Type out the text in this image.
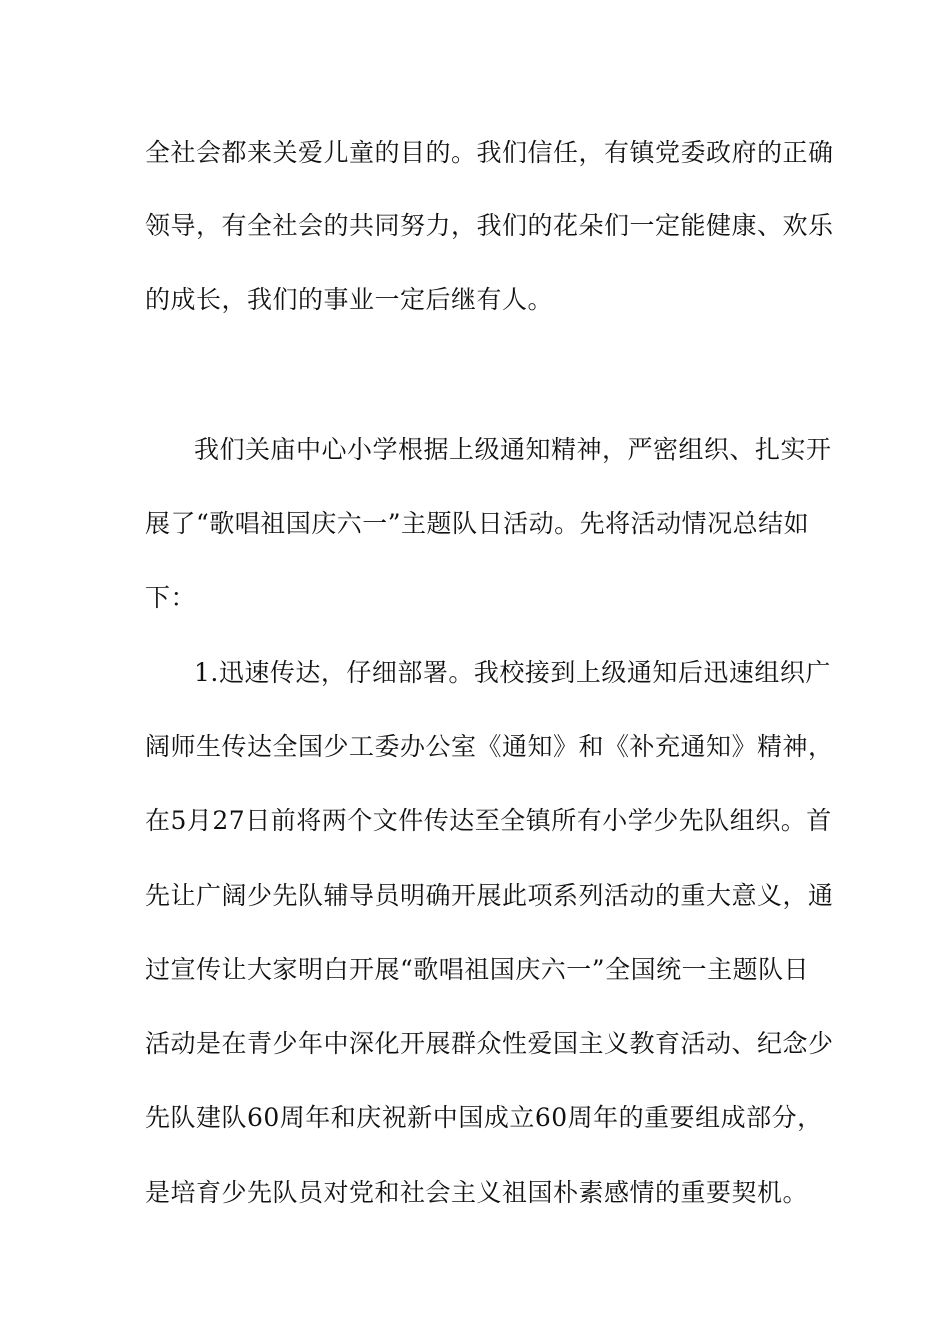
全社会都来关爱儿童的目的。我们信任，有镇党委政府的正确
领导，有全社会的共同努力，我们的花朵们一定能健康、欢乐
的成长，我们的事业一定后继有人。
我们关庙中心小学根据上级通知精神，严密组织、扎实开
展了“歌唱祖国庆六一”主题队日活动。先将活动情况总结如
下：
1.迅速传达，仔细部署。我校接到上级通知后迅速组织广
阔师生传达全国少工委办公室《通知》和《补充通知》精神，
在5月27日前将两个文件传达至全镇所有小学少先队组织。首
先让广阔少先队辅导员明确开展此项系列活动的重大意义，通
过宣传让大家明白开展“歌唱祖国庆六一”全国统一主题队日
活动是在青少年中深化开展群众性爱国主义教育活动、纪念少
先队建队60周年和庆祝新中国成立60周年的重要组成部分，
是培育少先队员对党和社会主义祖国朴素感情的重要契机。
